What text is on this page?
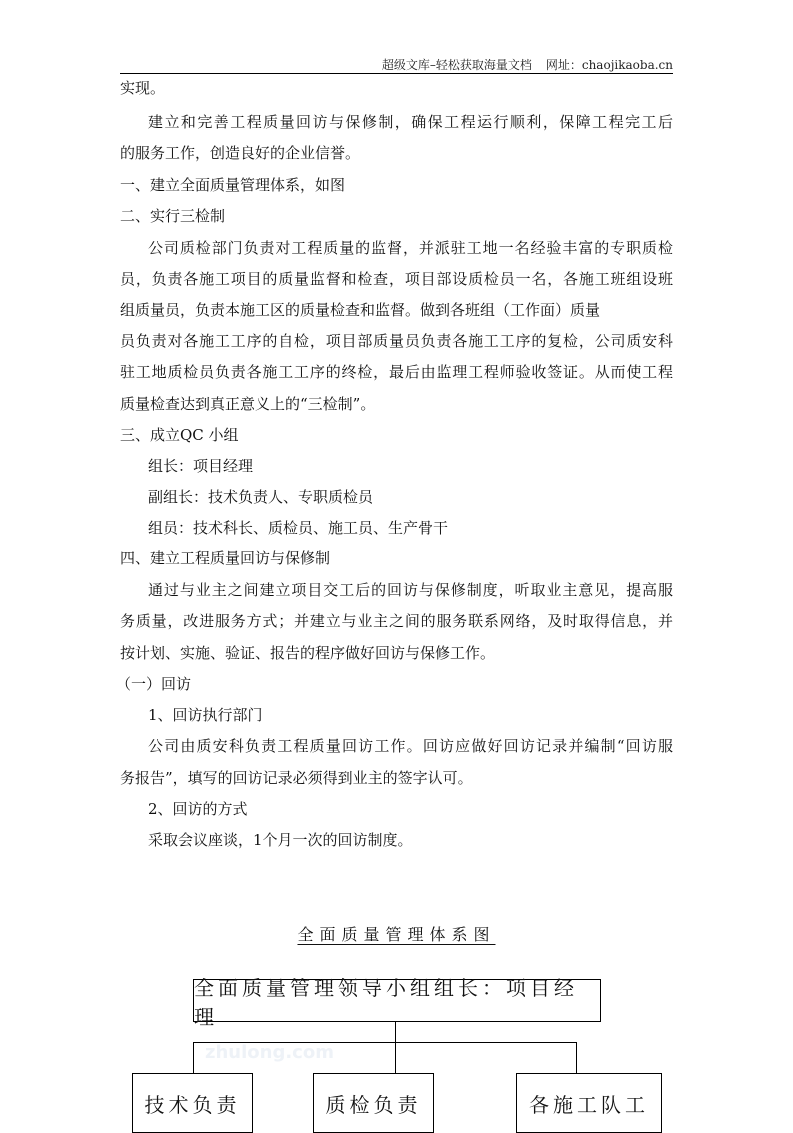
超级文库–轻松获取海量文档 网址：chaojikaoba.cn
实现。
建立和完善工程质量回访与保修制，确保工程运行顺利，保障工程完工后
的服务工作，创造良好的企业信誉。
一、建立全面质量管理体系，如图
二、实行三检制
公司质检部门负责对工程质量的监督，并派驻工地一名经验丰富的专职质检
员，负责各施工项目的质量监督和检查，项目部设质检员一名，各施工班组设班
组质量员，负责本施工区的质量检查和监督。做到各班组（工作面）质量
员负责对各施工工序的自检，项目部质量员负责各施工工序的复检，公司质安科
驻工地质检员负责各施工工序的终检，最后由监理工程师验收签证。从而使工程
质量检查达到真正意义上的“三检制”。
三、成立QC 小组
组长：项目经理
副组长：技术负责人、专职质检员
组员：技术科长、质检员、施工员、生产骨干
四、建立工程质量回访与保修制
通过与业主之间建立项目交工后的回访与保修制度，听取业主意见，提高服
务质量，改进服务方式；并建立与业主之间的服务联系网络，及时取得信息，并
按计划、实施、验证、报告的程序做好回访与保修工作。
（一）回访
1、回访执行部门
公司由质安科负责工程质量回访工作。回访应做好回访记录并编制“回访服
务报告”，填写的回访记录必须得到业主的签字认可。
2、回访的方式
采取会议座谈，1个月一次的回访制度。
全面质量管理体系图
全面质量管理领导小组组长：项目经理
zhulong.com
技术负责	质检负责	各施工队工
